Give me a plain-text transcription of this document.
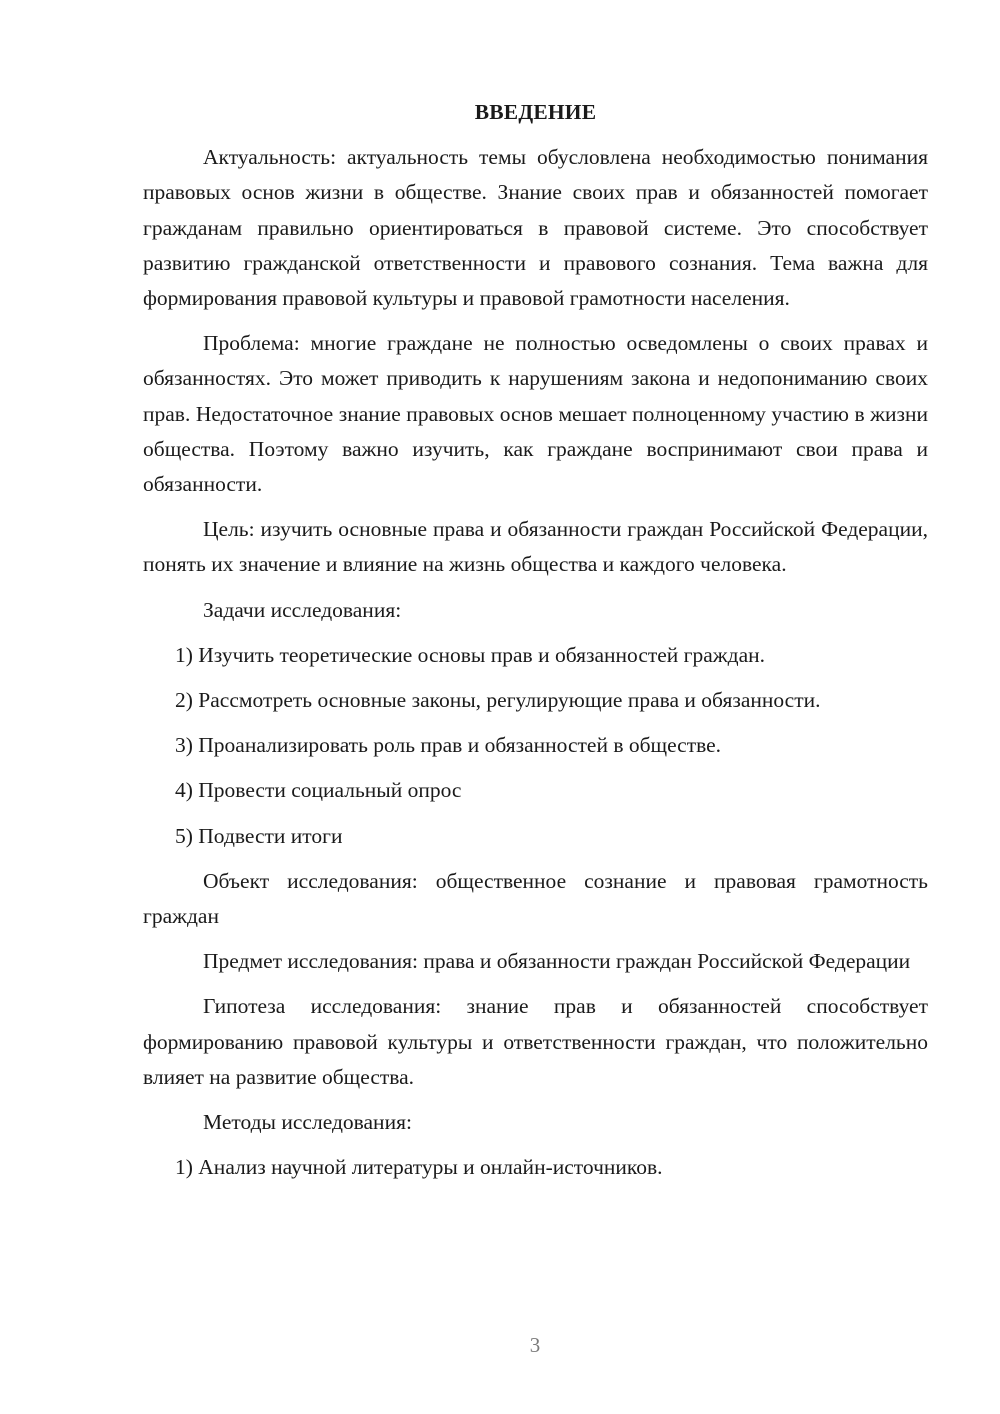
ВВЕДЕНИЕ

Актуальность: актуальность темы обусловлена необходимостью понимания правовых основ жизни в обществе. Знание своих прав и обязанностей помогает гражданам правильно ориентироваться в правовой системе. Это способствует развитию гражданской ответственности и правового сознания. Тема важна для формирования правовой культуры и правовой грамотности населения.

Проблема: многие граждане не полностью осведомлены о своих правах и обязанностях. Это может приводить к нарушениям закона и недопониманию своих прав. Недостаточное знание правовых основ мешает полноценному участию в жизни общества. Поэтому важно изучить, как граждане воспринимают свои права и обязанности.

Цель: изучить основные права и обязанности граждан Российской Федерации, понять их значение и влияние на жизнь общества и каждого человека.

Задачи исследования:

1) Изучить теоретические основы прав и обязанностей граждан.

2) Рассмотреть основные законы, регулирующие права и обязанности.

3) Проанализировать роль прав и обязанностей в обществе.

4) Провести социальный опрос

5) Подвести итоги

Объект исследования: общественное сознание и правовая грамотность граждан

Предмет исследования: права и обязанности граждан Российской Федерации

Гипотеза исследования: знание прав и обязанностей способствует формированию правовой культуры и ответственности граждан, что положительно влияет на развитие общества.

Методы исследования:

1) Анализ научной литературы и онлайн-источников.

3
